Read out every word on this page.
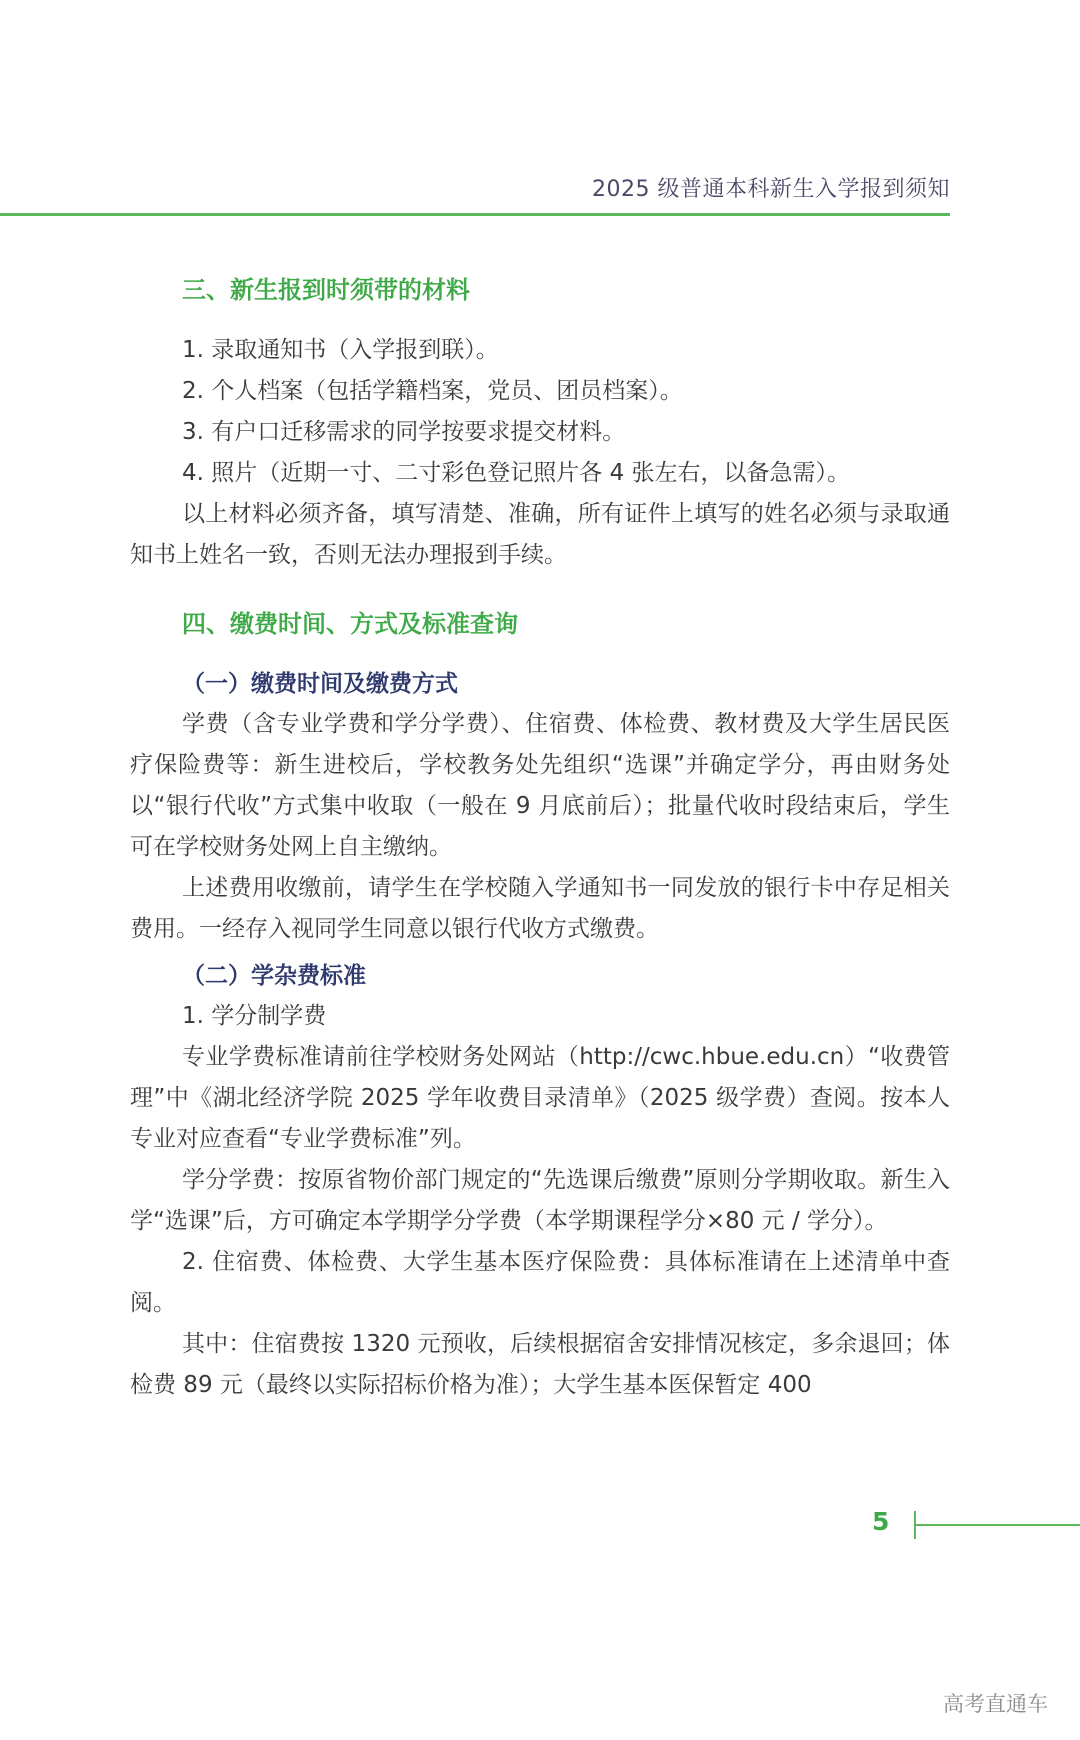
2025 级普通本科新生入学报到须知
三、新生报到时须带的材料

1. 录取通知书（入学报到联）。

2. 个人档案（包括学籍档案，党员、团员档案）。

3. 有户口迁移需求的同学按要求提交材料。

4. 照片（近期一寸、二寸彩色登记照片各 4 张左右，以备急需）。

以上材料必须齐备，填写清楚、准确，所有证件上填写的姓名必须与录取通知书上姓名一致，否则无法办理报到手续。

四、缴费时间、方式及标准查询
（一）缴费时间及缴费方式

学费（含专业学费和学分学费）、住宿费、体检费、教材费及大学生居民医疗保险费等：新生进校后，学校教务处先组织“选课”并确定学分，再由财务处以“银行代收”方式集中收取（一般在 9 月底前后）；批量代收时段结束后，学生可在学校财务处网上自主缴纳。

上述费用收缴前，请学生在学校随入学通知书一同发放的银行卡中存足相关费用。一经存入视同学生同意以银行代收方式缴费。

（二）学杂费标准

1. 学分制学费

专业学费标准请前往学校财务处网站（http://cwc.hbue.edu.cn）“收费管理”中《湖北经济学院 2025 学年收费目录清单》（2025 级学费）查阅。按本人专业对应查看“专业学费标准”列。

学分学费：按原省物价部门规定的“先选课后缴费”原则分学期收取。新生入学“选课”后，方可确定本学期学分学费（本学期课程学分×80 元 / 学分）。

2. 住宿费、体检费、大学生基本医疗保险费：具体标准请在上述清单中查阅。

其中：住宿费按 1320 元预收，后续根据宿舍安排情况核定，多余退回；体检费 89 元（最终以实际招标价格为准）；大学生基本医保暂定 400

5
高考直通车
